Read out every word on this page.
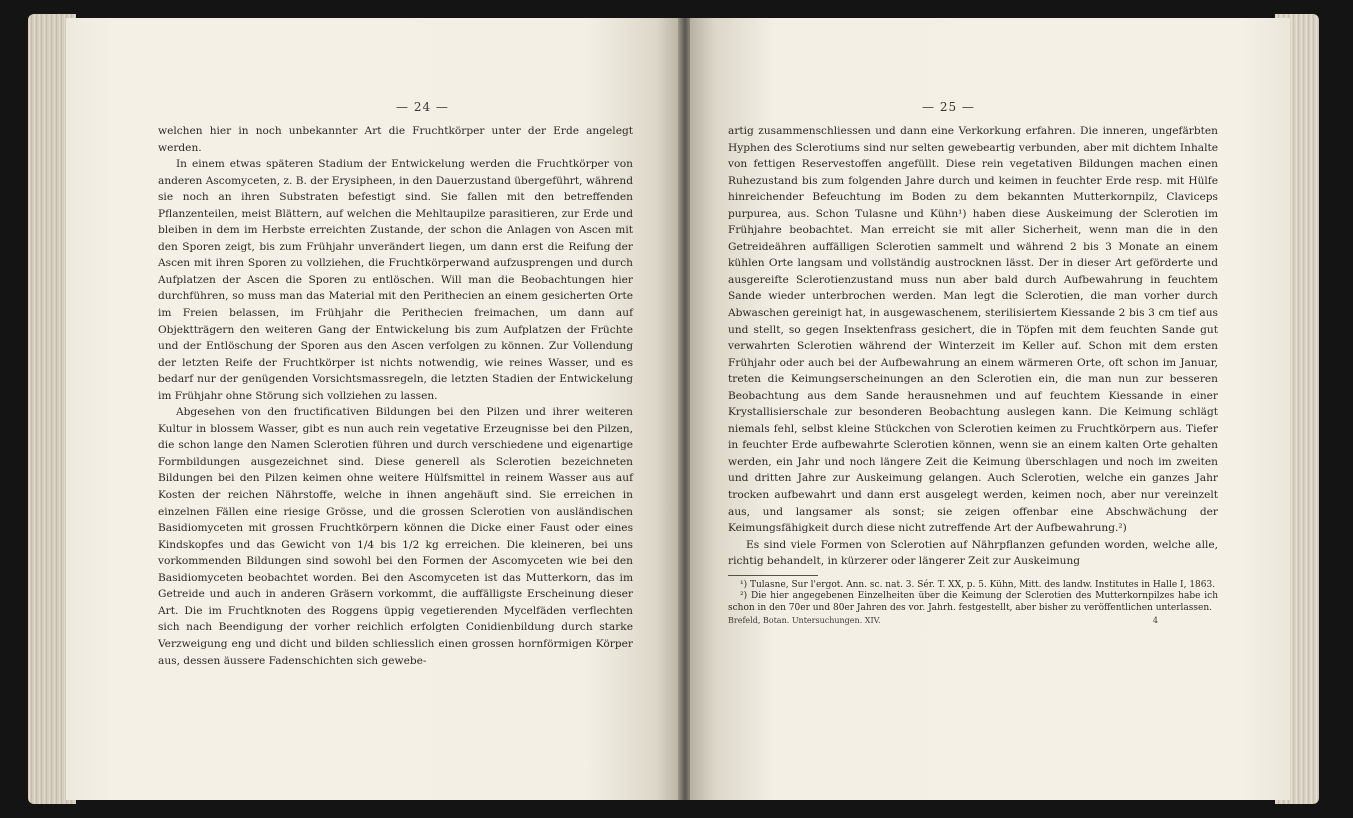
— 24 —

welchen hier in noch unbekannter Art die Fruchtkörper unter der Erde angelegt werden.

In einem etwas späteren Stadium der Entwickelung werden die Fruchtkörper von anderen Ascomyceten, z. B. der Erysipheen, in den Dauerzustand übergeführt, während sie noch an ihren Substraten befestigt sind. Sie fallen mit den betreffenden Pflanzenteilen, meist Blättern, auf welchen die Mehltaupilze parasitieren, zur Erde und bleiben in dem im Herbste erreichten Zustande, der schon die Anlagen von Ascen mit den Sporen zeigt, bis zum Frühjahr unverändert liegen, um dann erst die Reifung der Ascen mit ihren Sporen zu vollziehen, die Fruchtkörperwand aufzusprengen und durch Aufplatzen der Ascen die Sporen zu entlöschen. Will man die Beobachtungen hier durchführen, so muss man das Material mit den Perithecien an einem gesicherten Orte im Freien belassen, im Frühjahr die Perithecien freimachen, um dann auf Objektträgern den weiteren Gang der Entwickelung bis zum Aufplatzen der Früchte und der Entlöschung der Sporen aus den Ascen verfolgen zu können. Zur Vollendung der letzten Reife der Fruchtkörper ist nichts notwendig, wie reines Wasser, und es bedarf nur der genügenden Vorsichtsmassregeln, die letzten Stadien der Entwickelung im Frühjahr ohne Störung sich vollziehen zu lassen.

Abgesehen von den fructificativen Bildungen bei den Pilzen und ihrer weiteren Kultur in blossem Wasser, gibt es nun auch rein vegetative Erzeugnisse bei den Pilzen, die schon lange den Namen Sclerotien führen und durch verschiedene und eigenartige Formbildungen ausgezeichnet sind. Diese generell als Sclerotien bezeichneten Bildungen bei den Pilzen keimen ohne weitere Hülfsmittel in reinem Wasser aus auf Kosten der reichen Nährstoffe, welche in ihnen angehäuft sind. Sie erreichen in einzelnen Fällen eine riesige Grösse, und die grossen Sclerotien von ausländischen Basidiomyceten mit grossen Fruchtkörpern können die Dicke einer Faust oder eines Kindskopfes und das Gewicht von 1/4 bis 1/2 kg erreichen. Die kleineren, bei uns vorkommenden Bildungen sind sowohl bei den Formen der Ascomyceten wie bei den Basidiomyceten beobachtet worden. Bei den Ascomyceten ist das Mutterkorn, das im Getreide und auch in anderen Gräsern vorkommt, die auffälligste Erscheinung dieser Art. Die im Fruchtknoten des Roggens üppig vegetierenden Mycelfäden verflechten sich nach Beendigung der vorher reichlich erfolgten Conidienbildung durch starke Verzweigung eng und dicht und bilden schliesslich einen grossen hornförmigen Körper aus, dessen äussere Fadenschichten sich gewebe-

— 25 —

artig zusammenschliessen und dann eine Verkorkung erfahren. Die inneren, ungefärbten Hyphen des Sclerotiums sind nur selten gewebeartig verbunden, aber mit dichtem Inhalte von fettigen Reservestoffen angefüllt. Diese rein vegetativen Bildungen machen einen Ruhezustand bis zum folgenden Jahre durch und keimen in feuchter Erde resp. mit Hülfe hinreichender Befeuchtung im Boden zu dem bekannten Mutterkornpilz, Claviceps purpurea, aus. Schon Tulasne und Kühn¹) haben diese Auskeimung der Sclerotien im Frühjahre beobachtet. Man erreicht sie mit aller Sicherheit, wenn man die in den Getreideähren auffälligen Sclerotien sammelt und während 2 bis 3 Monate an einem kühlen Orte langsam und vollständig austrocknen lässt. Der in dieser Art geförderte und ausgereifte Sclerotienzustand muss nun aber bald durch Aufbewahrung in feuchtem Sande wieder unterbrochen werden. Man legt die Sclerotien, die man vorher durch Abwaschen gereinigt hat, in ausgewaschenem, sterilisiertem Kiessande 2 bis 3 cm tief aus und stellt, so gegen Insektenfrass gesichert, die in Töpfen mit dem feuchten Sande gut verwahrten Sclerotien während der Winterzeit im Keller auf. Schon mit dem ersten Frühjahr oder auch bei der Aufbewahrung an einem wärmeren Orte, oft schon im Januar, treten die Keimungserscheinungen an den Sclerotien ein, die man nun zur besseren Beobachtung aus dem Sande herausnehmen und auf feuchtem Kiessande in einer Krystallisierschale zur besonderen Beobachtung auslegen kann. Die Keimung schlägt niemals fehl, selbst kleine Stückchen von Sclerotien keimen zu Fruchtkörpern aus. Tiefer in feuchter Erde aufbewahrte Sclerotien können, wenn sie an einem kalten Orte gehalten werden, ein Jahr und noch längere Zeit die Keimung überschlagen und noch im zweiten und dritten Jahre zur Auskeimung gelangen. Auch Sclerotien, welche ein ganzes Jahr trocken aufbewahrt und dann erst ausgelegt werden, keimen noch, aber nur vereinzelt aus, und langsamer als sonst; sie zeigen offenbar eine Abschwächung der Keimungsfähigkeit durch diese nicht zutreffende Art der Aufbewahrung.²)

Es sind viele Formen von Sclerotien auf Nährpflanzen gefunden worden, welche alle, richtig behandelt, in kürzerer oder längerer Zeit zur Auskeimung

¹) Tulasne, Sur l'ergot. Ann. sc. nat. 3. Sér. T. XX, p. 5. Kühn, Mitt. des landw. Institutes in Halle I, 1863.

²) Die hier angegebenen Einzelheiten über die Keimung der Sclerotien des Mutterkornpilzes habe ich schon in den 70er und 80er Jahren des vor. Jahrh. festgestellt, aber bisher zu veröffentlichen unterlassen.

Brefeld, Botan. Untersuchungen. XIV.	4
